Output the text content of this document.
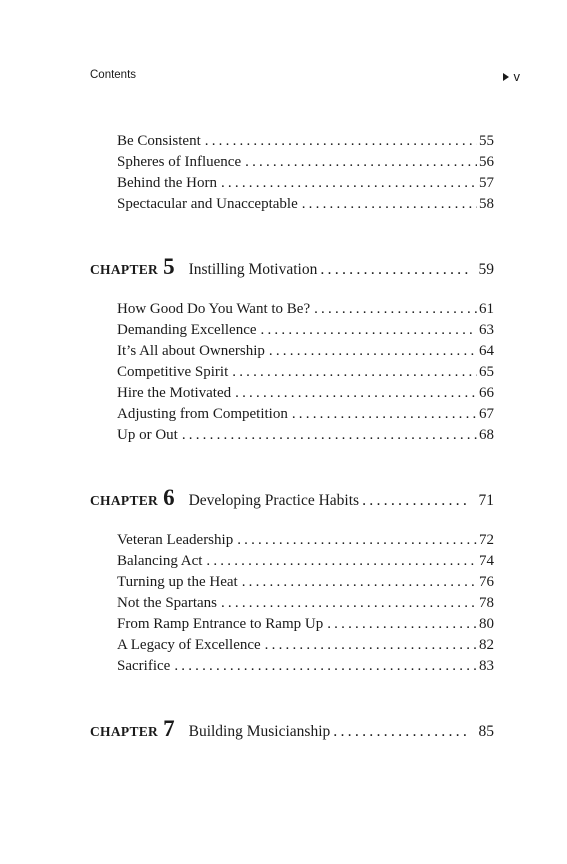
Contents	v
Be Consistent .....	55
Spheres of Influence .....	56
Behind the Horn .....	57
Spectacular and Unacceptable .....	58
CHAPTER 5 Instilling Motivation .....	59
How Good Do You Want to Be? .....	61
Demanding Excellence .....	63
It’s All about Ownership .....	64
Competitive Spirit .....	65
Hire the Motivated .....	66
Adjusting from Competition .....	67
Up or Out .....	68
CHAPTER 6 Developing Practice Habits .....	71
Veteran Leadership .....	72
Balancing Act .....	74
Turning up the Heat .....	76
Not the Spartans .....	78
From Ramp Entrance to Ramp Up .....	80
A Legacy of Excellence .....	82
Sacrifice .....	83
CHAPTER 7 Building Musicianship .....	85
